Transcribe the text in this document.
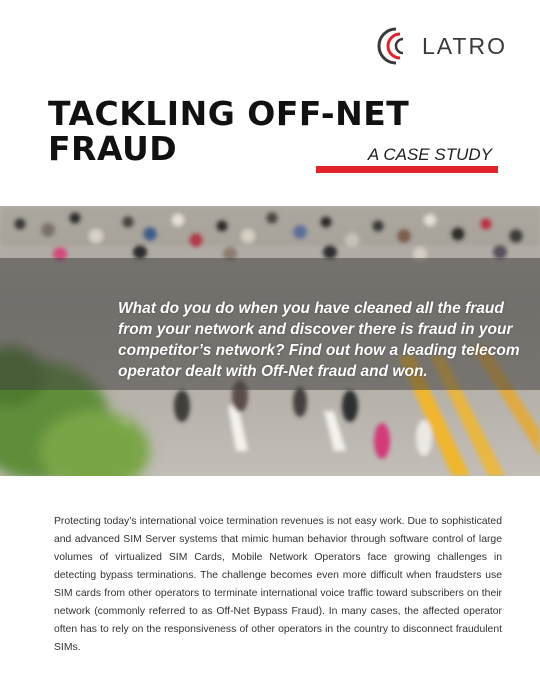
LATRO
TACKLING OFF-NET
FRAUD	A CASE STUDY

What do you do when you have cleaned all the fraud from your network and discover there is fraud in your competitor’s network? Find out how a leading telecom operator dealt with Off-Net fraud and won.

Protecting today’s international voice termination revenues is not easy work. Due to sophisticated and advanced SIM Server systems that mimic human behavior through software control of large volumes of virtualized SIM Cards, Mobile Network Operators face growing challenges in detecting bypass terminations. The challenge becomes even more difficult when fraudsters use SIM cards from other operators to terminate international voice traffic toward subscribers on their network (commonly referred to as Off-Net Bypass Fraud). In many cases, the affected operator often has to rely on the responsiveness of other operators in the country to disconnect fraudulent SIMs.
